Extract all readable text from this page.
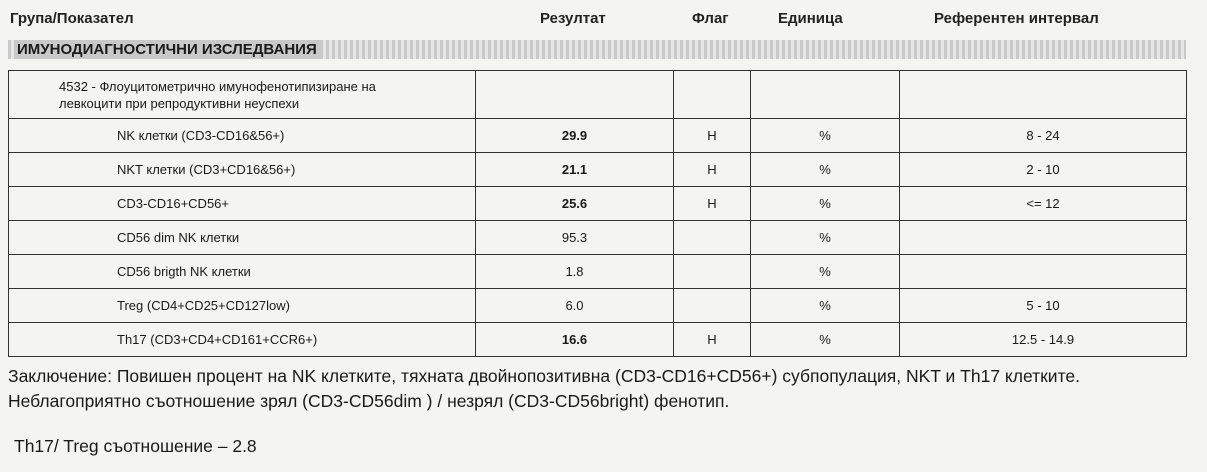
Група/Показател	Резултат	Флаг	Единица	Референтен интервал
ИМУНОДИАГНОСТИЧНИ ИЗСЛЕДВАНИЯ
4532 - Флоуцитометрично имунофенотипизиране на
левкоцити при репродуктивни неуспехи				

NK клетки (CD3-CD16&56+)	29.9	H	%	8 - 24
NKT клетки (CD3+CD16&56+)	21.1	H	%	2 - 10
CD3-CD16+CD56+	25.6	H	%	<= 12
CD56 dim NK клетки	95.3		%	
CD56 brigth NK клетки	1.8		%	
Treg (CD4+CD25+CD127low)	6.0		%	5 - 10
Th17 (CD3+CD4+CD161+CCR6+)	16.6	H	%	12.5 - 14.9
Заключение: Повишен процент на NK клетките, тяхната двойнопозитивна (CD3-CD16+CD56+) субпопулация, NKT и Th17 клетките. Неблагоприятно съотношение зрял (CD3-CD56dim ) / незрял (CD3-CD56bright) фенотип.
Th17/ Treg съотношение – 2.8
